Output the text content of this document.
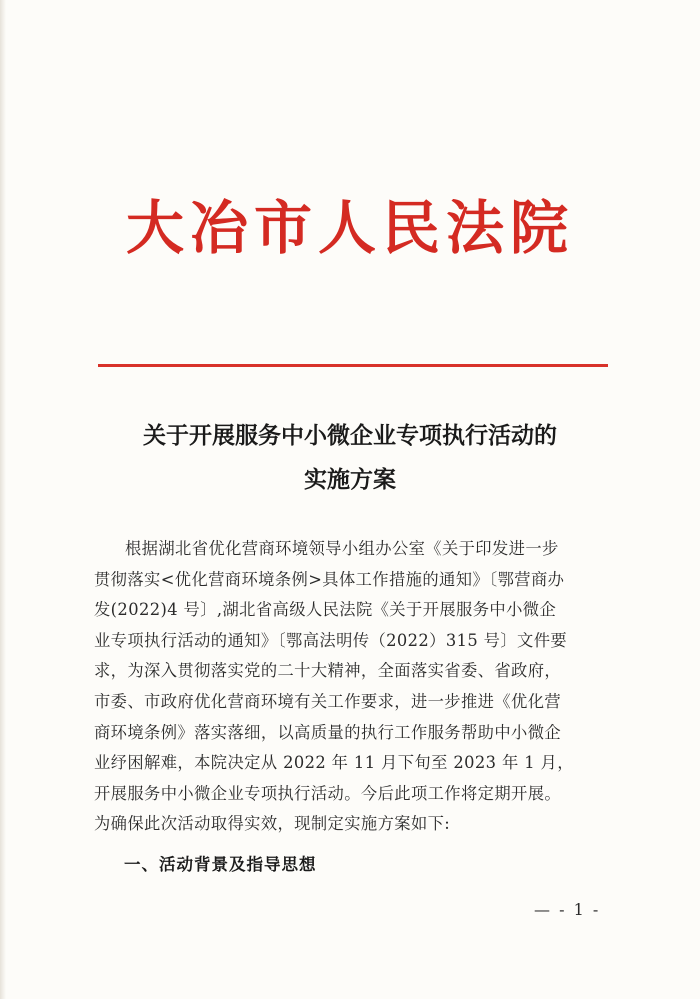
大冶市人民法院
关于开展服务中小微企业专项执行活动的
实施方案

根据湖北省优化营商环境领导小组办公室《关于印发进一步
贯彻落实<优化营商环境条例>具体工作措施的通知》〔鄂营商办
发(2022)4 号〕,湖北省高级人民法院《关于开展服务中小微企
业专项执行活动的通知》〔鄂高法明传（2022）315 号〕文件要
求，为深入贯彻落实党的二十大精神，全面落实省委、省政府，
市委、市政府优化营商环境有关工作要求，进一步推进《优化营
商环境条例》落实落细，以高质量的执行工作服务帮助中小微企
业纾困解难，本院决定从 2022 年 11 月下旬至 2023 年 1 月，
开展服务中小微企业专项执行活动。今后此项工作将定期开展。
为确保此次活动取得实效，现制定实施方案如下:

一、活动背景及指导思想
— - 1 -
